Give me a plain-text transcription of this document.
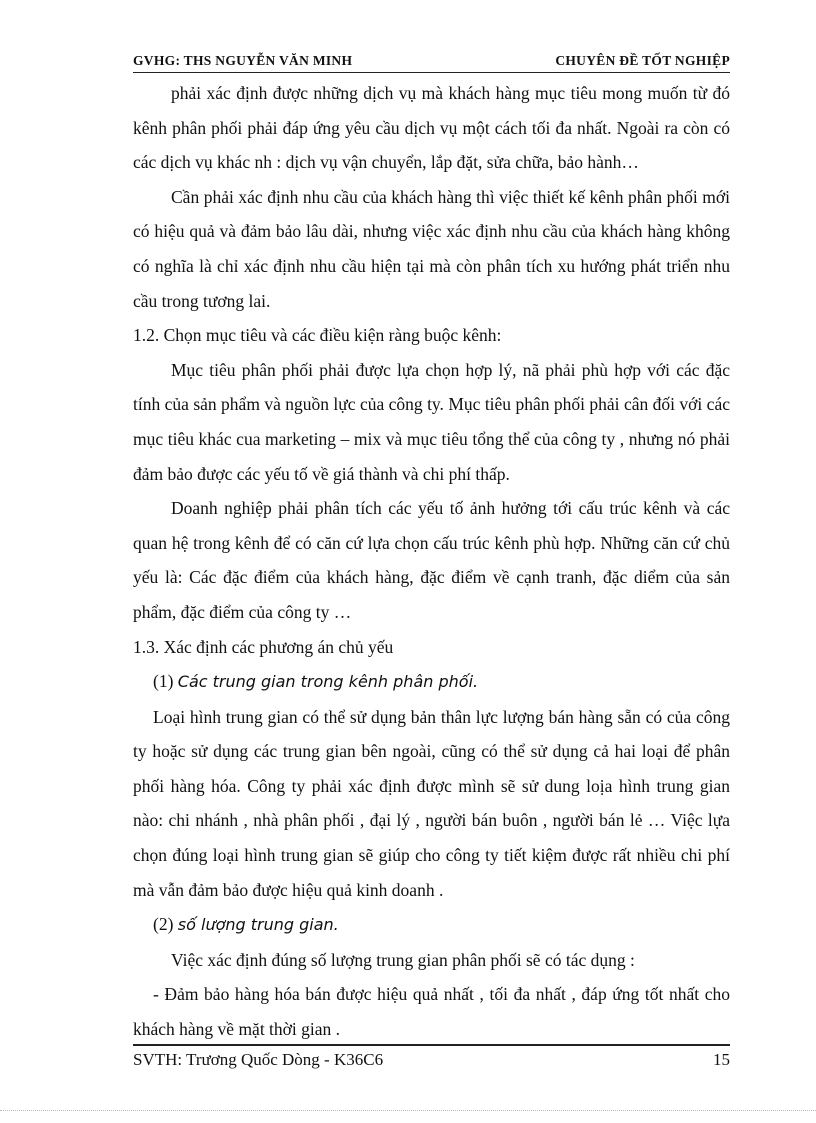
GVHG: THS NGUYỄN VĂN MINH	CHUYÊN ĐỀ TỐT NGHIỆP

phải xác định được những dịch vụ mà khách hàng mục tiêu mong muốn từ đó kênh phân phối phải đáp ứng yêu cầu dịch vụ một cách tối đa nhất. Ngoài ra còn có các dịch vụ khác nh : dịch vụ vận chuyển, lắp đặt, sửa chữa, bảo hành…

Cần phải xác định nhu cầu của khách hàng thì việc thiết kế kênh phân phối mới có hiệu quả và đảm bảo lâu dài, nhưng việc xác định nhu cầu của khách hàng không có nghĩa là chỉ xác định nhu cầu hiện tại mà còn phân tích xu hướng phát triển nhu cầu trong tương lai.

1.2. Chọn mục tiêu và các điều kiện ràng buộc kênh:

Mục tiêu phân phối phải được lựa chọn hợp lý, nã phải phù hợp với các đặc tính của sản phẩm và nguồn lực của công ty. Mục tiêu phân phối phải cân đối với các mục tiêu khác cua marketing – mix và mục tiêu tổng thể của công ty , nhưng nó phải đảm bảo được các yếu tố về giá thành và chi phí thấp.

Doanh nghiệp phải phân tích các yếu tố ảnh hưởng tới cấu trúc kênh và các quan hệ trong kênh để có căn cứ lựa chọn cấu trúc kênh phù hợp. Những căn cứ chủ yếu là: Các đặc điểm của khách hàng, đặc điểm về cạnh tranh, đặc diểm của sản phẩm, đặc điểm của công ty …

1.3. Xác định các phương án chủ yếu

(1) Các trung gian trong kênh phân phối.

Loại hình trung gian có thể sử dụng bản thân lực lượng bán hàng sẵn có của công ty hoặc sử dụng các trung gian bên ngoài, cũng có thể sử dụng cả hai loại để phân phối hàng hóa. Công ty phải xác định được mình sẽ sử dung loịa hình trung gian nào: chi nhánh , nhà phân phối , đại lý , người bán buôn , người bán lẻ … Việc lựa chọn đúng loại hình trung gian sẽ giúp cho công ty tiết kiệm được rất nhiều chi phí mà vẫn đảm bảo được hiệu quả kinh doanh .

(2) số lượng trung gian.

Việc xác định đúng số lượng trung gian phân phối sẽ có tác dụng :

- Đảm bảo hàng hóa bán được hiệu quả nhất , tối đa nhất , đáp ứng tốt nhất cho khách hàng về mặt thời gian .

SVTH: Trương Quốc Dòng - K36C6	15
